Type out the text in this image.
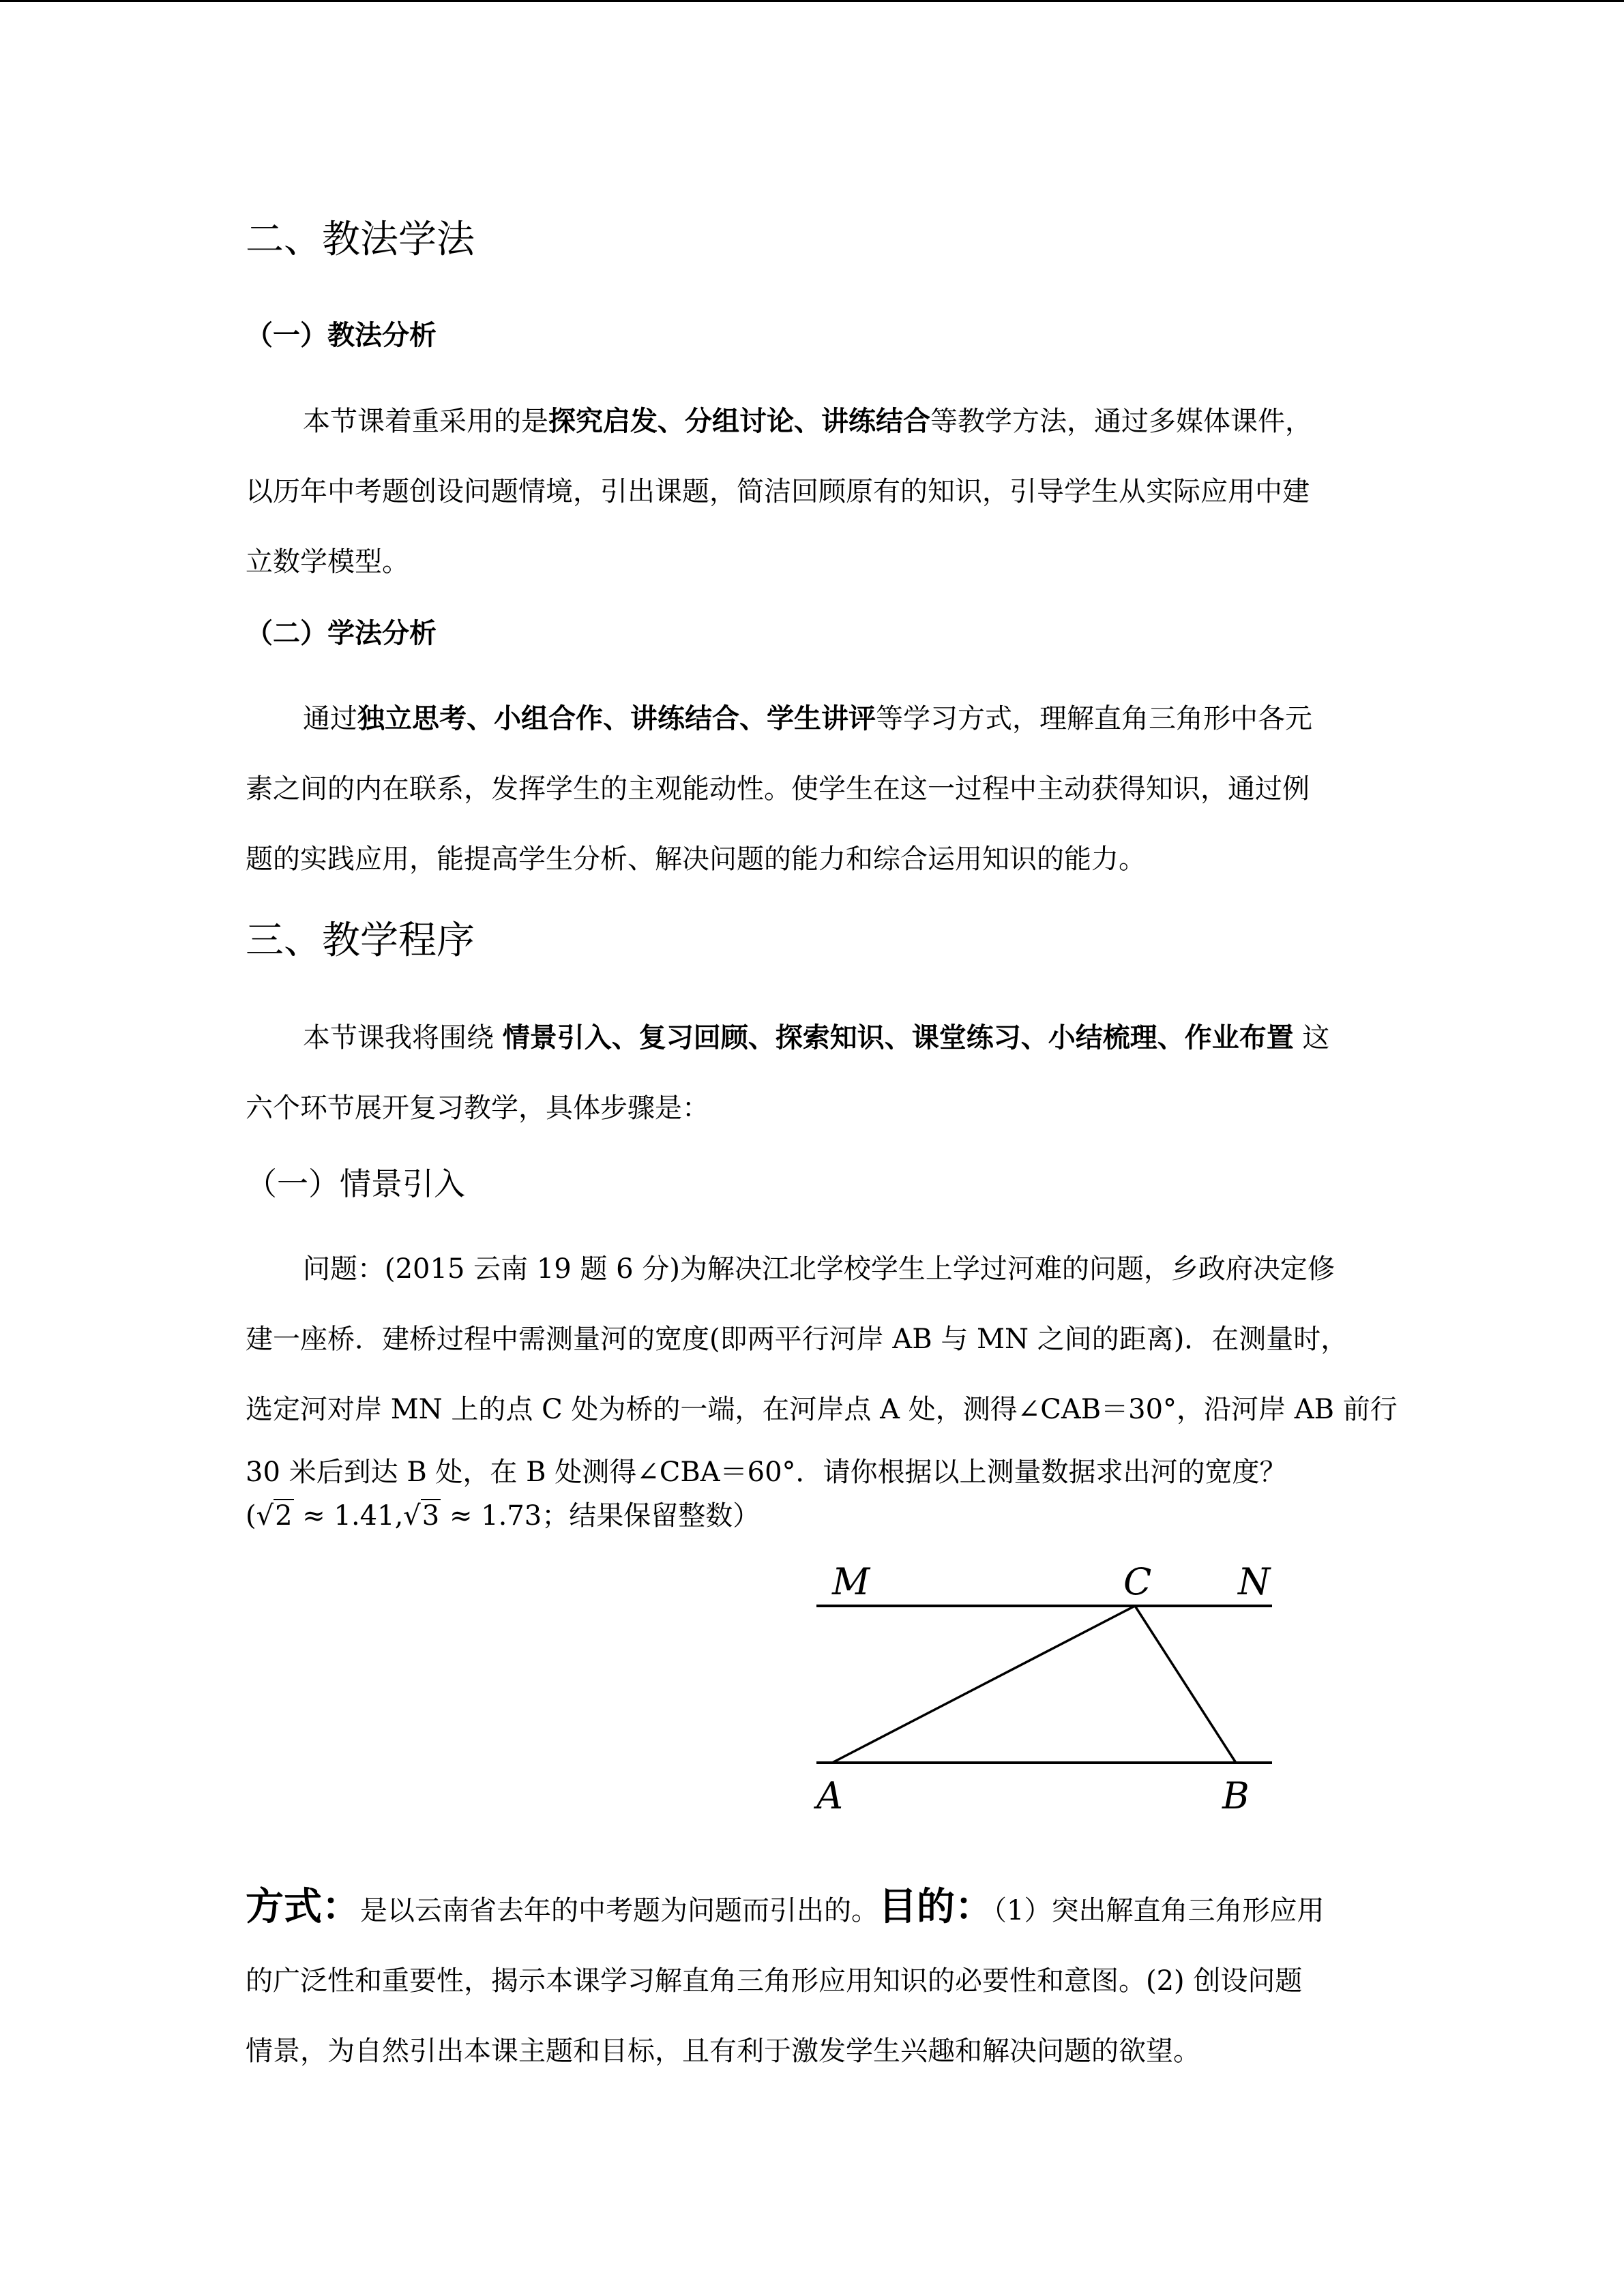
二、教法学法
（一）教法分析
本节课着重采用的是探究启发、分组讨论、讲练结合等教学方法，通过多媒体课件，
以历年中考题创设问题情境，引出课题，简洁回顾原有的知识，引导学生从实际应用中建
立数学模型。
（二）学法分析
通过独立思考、小组合作、讲练结合、学生讲评等学习方式，理解直角三角形中各元
素之间的内在联系，发挥学生的主观能动性。使学生在这一过程中主动获得知识，通过例
题的实践应用，能提高学生分析、解决问题的能力和综合运用知识的能力。
三、教学程序
本节课我将围绕 情景引入、复习回顾、探索知识、课堂练习、小结梳理、作业布置 这
六个环节展开复习教学，具体步骤是：
（一）情景引入
问题：(2015 云南 19 题 6 分)为解决江北学校学生上学过河难的问题，乡政府决定修
建一座桥．建桥过程中需测量河的宽度(即两平行河岸 AB 与 MN 之间的距离)．在测量时，
选定河对岸 MN 上的点 C 处为桥的一端，在河岸点 A 处，测得∠CAB＝30°，沿河岸 AB 前行
30 米后到达 B 处，在 B 处测得∠CBA＝60°．请你根据以上测量数据求出河的宽度？
(√2 ≈ 1.41,√3 ≈ 1.73；结果保留整数）
方式：是以云南省去年的中考题为问题而引出的。目的：（1）突出解直角三角形应用
的广泛性和重要性，揭示本课学习解直角三角形应用知识的必要性和意图。(2) 创设问题
情景，为自然引出本课主题和目标，且有利于激发学生兴趣和解决问题的欲望。
M	C N
A	B
